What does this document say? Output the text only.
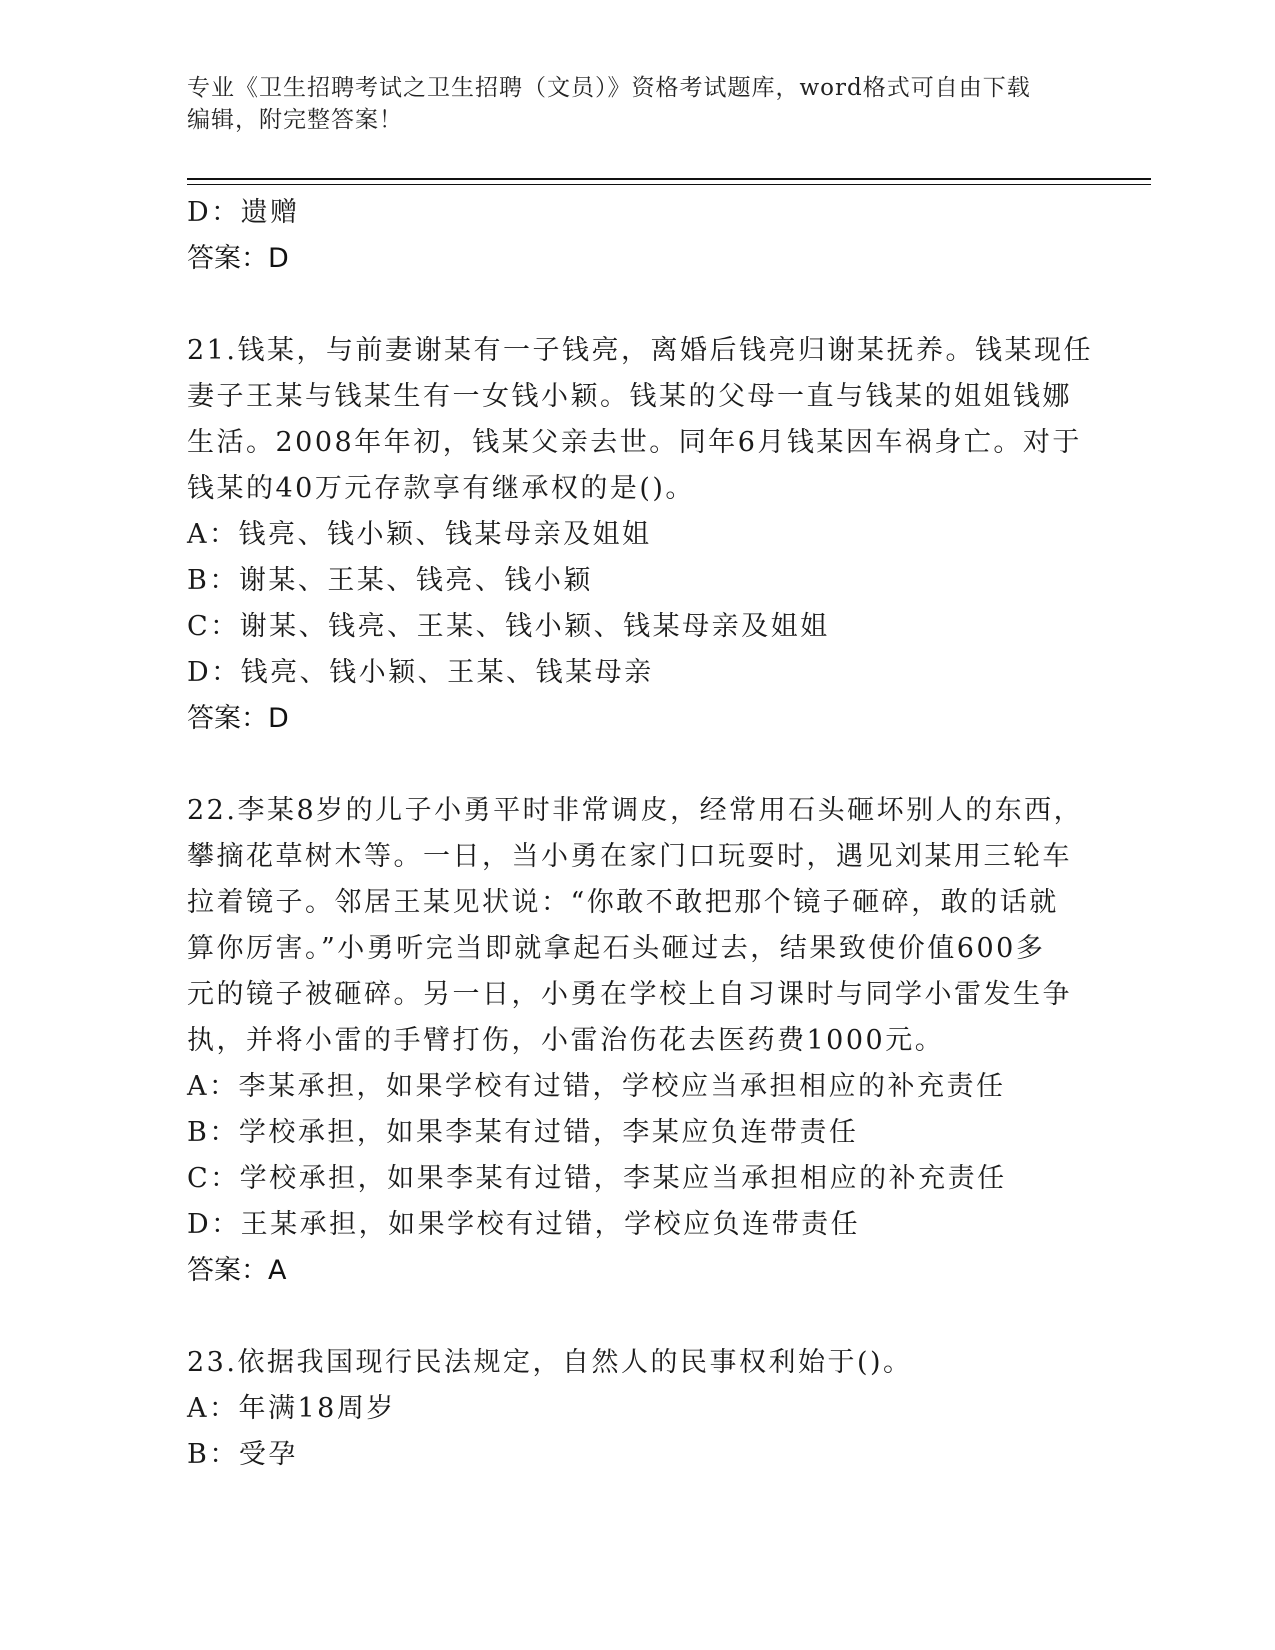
专业《卫生招聘考试之卫生招聘（文员）》资格考试题库，word格式可自由下载
编辑，附完整答案！
D：遗赠
答案：D
21.钱某，与前妻谢某有一子钱亮，离婚后钱亮归谢某抚养。钱某现任
妻子王某与钱某生有一女钱小颖。钱某的父母一直与钱某的姐姐钱娜
生活。2008年年初，钱某父亲去世。同年6月钱某因车祸身亡。对于
钱某的40万元存款享有继承权的是()。
A：钱亮、钱小颖、钱某母亲及姐姐
B：谢某、王某、钱亮、钱小颖
C：谢某、钱亮、王某、钱小颖、钱某母亲及姐姐
D：钱亮、钱小颖、王某、钱某母亲
答案：D
22.李某8岁的儿子小勇平时非常调皮，经常用石头砸坏别人的东西，
攀摘花草树木等。一日，当小勇在家门口玩耍时，遇见刘某用三轮车
拉着镜子。邻居王某见状说：“你敢不敢把那个镜子砸碎，敢的话就
算你厉害。”小勇听完当即就拿起石头砸过去，结果致使价值600多
元的镜子被砸碎。另一日，小勇在学校上自习课时与同学小雷发生争
执，并将小雷的手臂打伤，小雷治伤花去医药费1000元。
A：李某承担，如果学校有过错，学校应当承担相应的补充责任
B：学校承担，如果李某有过错，李某应负连带责任
C：学校承担，如果李某有过错，李某应当承担相应的补充责任
D：王某承担，如果学校有过错，学校应负连带责任
答案：A
23.依据我国现行民法规定，自然人的民事权利始于()。
A：年满18周岁
B：受孕
